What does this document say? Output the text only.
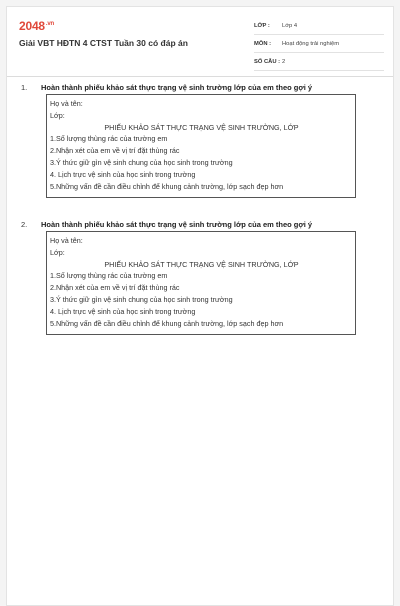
$2048^{.vn}$
Giải VBT HĐTN 4 CTST Tuần 30 có đáp án
LỚP : Lớp 4
MÔN : Hoạt động trải nghiệm
SỐ CÂU : 2
1. Hoàn thành phiếu khảo sát thực trạng vệ sinh trường lớp của em theo gợi ý
Họ và tên:
Lớp:
PHIẾU KHẢO SÁT THỰC TRẠNG VỆ SINH TRƯỜNG, LỚP
1.Số lượng thùng rác của trường em
2.Nhận xét của em về vị trí đặt thùng rác
3.Ý thức giữ gìn vệ sinh chung của học sinh trong trường
4. Lịch trực vệ sinh của học sinh trong trường
5.Những vấn đề cần điều chỉnh để khung cảnh trường, lớp sạch đẹp hơn
2. Hoàn thành phiếu khảo sát thực trạng vệ sinh trường lớp của em theo gợi ý
Họ và tên:
Lớp:
PHIẾU KHẢO SÁT THỰC TRẠNG VỆ SINH TRƯỜNG, LỚP
1.Số lượng thùng rác của trường em
2.Nhận xét của em về vị trí đặt thùng rác
3.Ý thức giữ gìn vệ sinh chung của học sinh trong trường
4. Lịch trực vệ sinh của học sinh trong trường
5.Những vấn đề cần điều chỉnh để khung cảnh trường, lớp sạch đẹp hơn
